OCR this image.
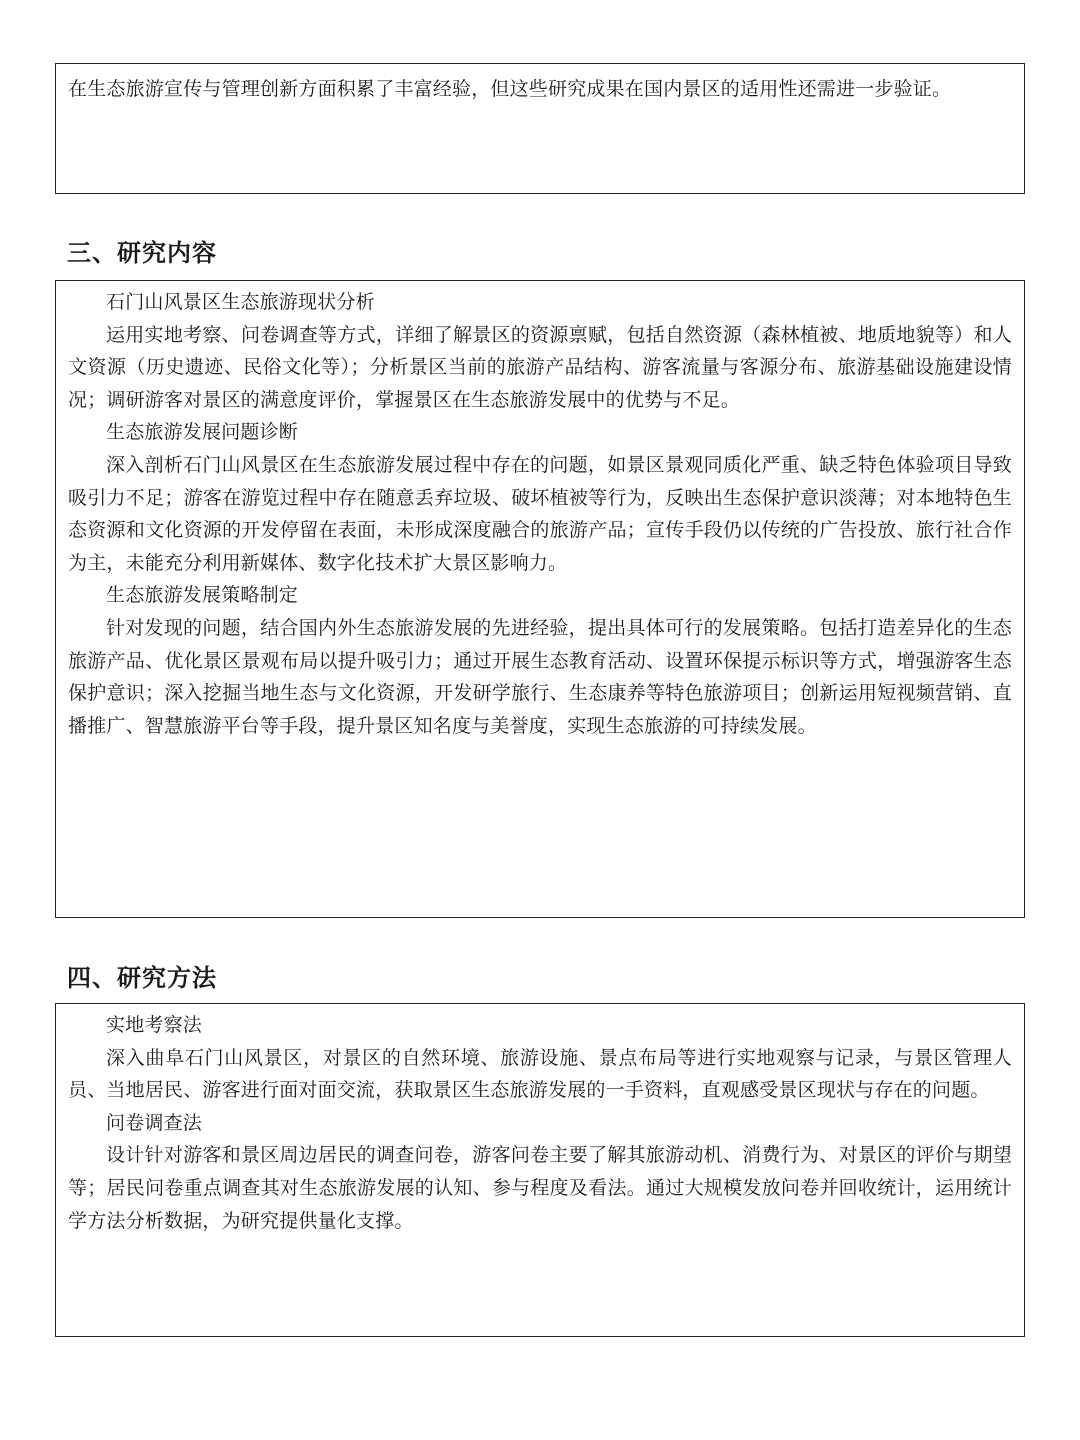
在生态旅游宣传与管理创新方面积累了丰富经验，但这些研究成果在国内景区的适用性还需进一步验证。

三、研究内容

石门山风景区生态旅游现状分析

运用实地考察、问卷调查等方式，详细了解景区的资源禀赋，包括自然资源（森林植被、地质地貌等）和人文资源（历史遗迹、民俗文化等）；分析景区当前的旅游产品结构、游客流量与客源分布、旅游基础设施建设情况；调研游客对景区的满意度评价，掌握景区在生态旅游发展中的优势与不足。

生态旅游发展问题诊断

深入剖析石门山风景区在生态旅游发展过程中存在的问题，如景区景观同质化严重、缺乏特色体验项目导致吸引力不足；游客在游览过程中存在随意丢弃垃圾、破坏植被等行为，反映出生态保护意识淡薄；对本地特色生态资源和文化资源的开发停留在表面，未形成深度融合的旅游产品；宣传手段仍以传统的广告投放、旅行社合作为主，未能充分利用新媒体、数字化技术扩大景区影响力。

生态旅游发展策略制定

针对发现的问题，结合国内外生态旅游发展的先进经验，提出具体可行的发展策略。包括打造差异化的生态旅游产品、优化景区景观布局以提升吸引力；通过开展生态教育活动、设置环保提示标识等方式，增强游客生态保护意识；深入挖掘当地生态与文化资源，开发研学旅行、生态康养等特色旅游项目；创新运用短视频营销、直播推广、智慧旅游平台等手段，提升景区知名度与美誉度，实现生态旅游的可持续发展。

四、研究方法

实地考察法

深入曲阜石门山风景区，对景区的自然环境、旅游设施、景点布局等进行实地观察与记录，与景区管理人员、当地居民、游客进行面对面交流，获取景区生态旅游发展的一手资料，直观感受景区现状与存在的问题。

问卷调查法

设计针对游客和景区周边居民的调查问卷，游客问卷主要了解其旅游动机、消费行为、对景区的评价与期望等；居民问卷重点调查其对生态旅游发展的认知、参与程度及看法。通过大规模发放问卷并回收统计，运用统计学方法分析数据，为研究提供量化支撑。
